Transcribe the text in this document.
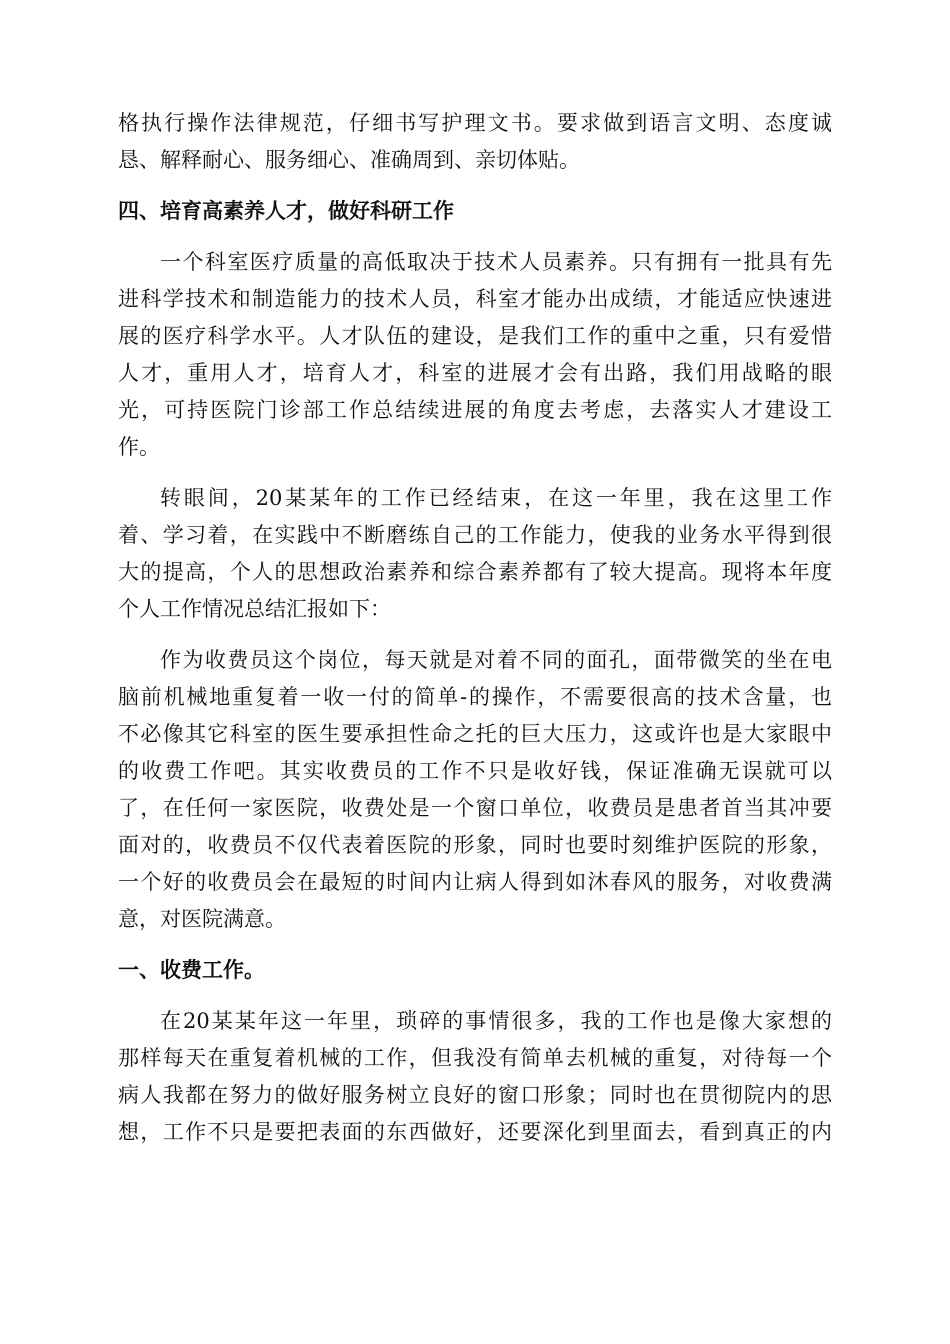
格执行操作法律规范，仔细书写护理文书。要求做到语言文明、态度诚
恳、解释耐心、服务细心、准确周到、亲切体贴。
四、培育高素养人才，做好科研工作
一个科室医疗质量的高低取决于技术人员素养。只有拥有一批具有先
进科学技术和制造能力的技术人员，科室才能办出成绩，才能适应快速进
展的医疗科学水平。人才队伍的建设，是我们工作的重中之重，只有爱惜
人才，重用人才，培育人才，科室的进展才会有出路，我们用战略的眼
光，可持医院门诊部工作总结续进展的角度去考虑，去落实人才建设工
作。
转眼间，20某某年的工作已经结束，在这一年里，我在这里工作
着、学习着，在实践中不断磨练自己的工作能力，使我的业务水平得到很
大的提高，个人的思想政治素养和综合素养都有了较大提高。现将本年度
个人工作情况总结汇报如下：
作为收费员这个岗位，每天就是对着不同的面孔，面带微笑的坐在电
脑前机械地重复着一收一付的简单-的操作，不需要很高的技术含量，也
不必像其它科室的医生要承担性命之托的巨大压力，这或许也是大家眼中
的收费工作吧。其实收费员的工作不只是收好钱，保证准确无误就可以
了，在任何一家医院，收费处是一个窗口单位，收费员是患者首当其冲要
面对的，收费员不仅代表着医院的形象，同时也要时刻维护医院的形象，
一个好的收费员会在最短的时间内让病人得到如沐春风的服务，对收费满
意，对医院满意。
一、收费工作。
在20某某年这一年里，琐碎的事情很多，我的工作也是像大家想的
那样每天在重复着机械的工作，但我没有简单去机械的重复，对待每一个
病人我都在努力的做好服务树立良好的窗口形象；同时也在贯彻院内的思
想，工作不只是要把表面的东西做好，还要深化到里面去，看到真正的内
